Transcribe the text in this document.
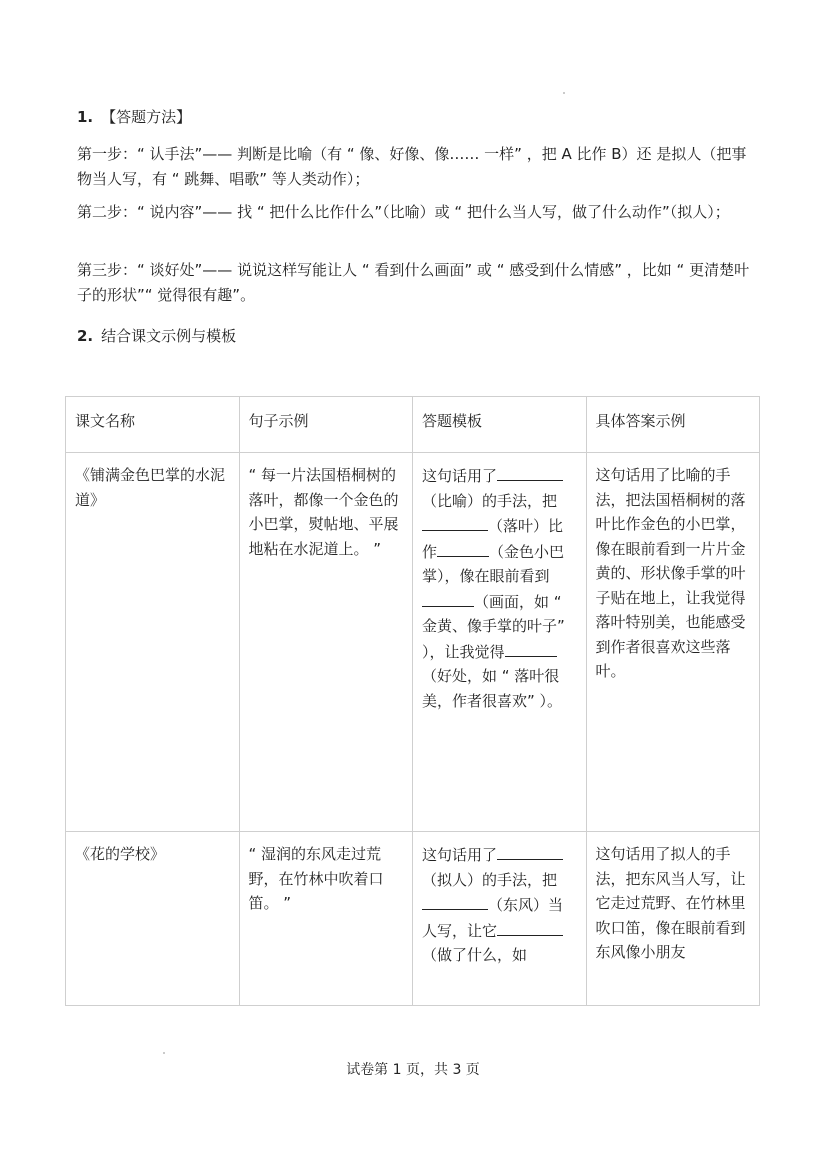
1. 【答题方法】
第一步：“ 认手法”—— 判断是比喻（有 “ 像、好像、像…… 一样” ，把 A 比作 B）还 是拟人（把事物当人写，有 “ 跳舞、唱歌” 等人类动作）；
第二步：“ 说内容”—— 找 “ 把什么比作什么”（比喻）或 “ 把什么当人写，做了什么动作”（拟人）；
第三步：“ 谈好处”—— 说说这样写能让人 “ 看到什么画面” 或 “ 感受到什么情感” ，比如 “ 更清楚叶子的形状”“ 觉得很有趣”。
2. 结合课文示例与模板
课文名称	句子示例	答题模板	具体答案示例
《铺满金色巴掌的水泥道》	“ 每一片法国梧桐树的落叶，都像一个金色的小巴掌，熨帖地、平展地粘在水泥道上。 ”	这句话用了（比喻）的手法，把（落叶）比作 （金色小巴掌），像在眼前看到（画面，如 “ 金黄、像手掌的叶子” ），让我觉得（好处，如 “ 落叶很美，作者很喜欢” ）。	这句话用了比喻的手法，把法国梧桐树的落叶比作金色的小巴掌，像在眼前看到一片片金黄的、形状像手掌的叶子贴在地上，让我觉得落叶特别美，也能感受到作者很喜欢这些落叶。
《花的学校》	“ 湿润的东风走过荒野，在竹林中吹着口笛。 ”	这句话用了（拟人）的手法，把（东风）当人写，让它（做了什么，如	这句话用了拟人的手法，把东风当人写，让它走过荒野、在竹林里吹口笛，像在眼前看到东风像小朋友
试卷第 1 页，共 3 页
